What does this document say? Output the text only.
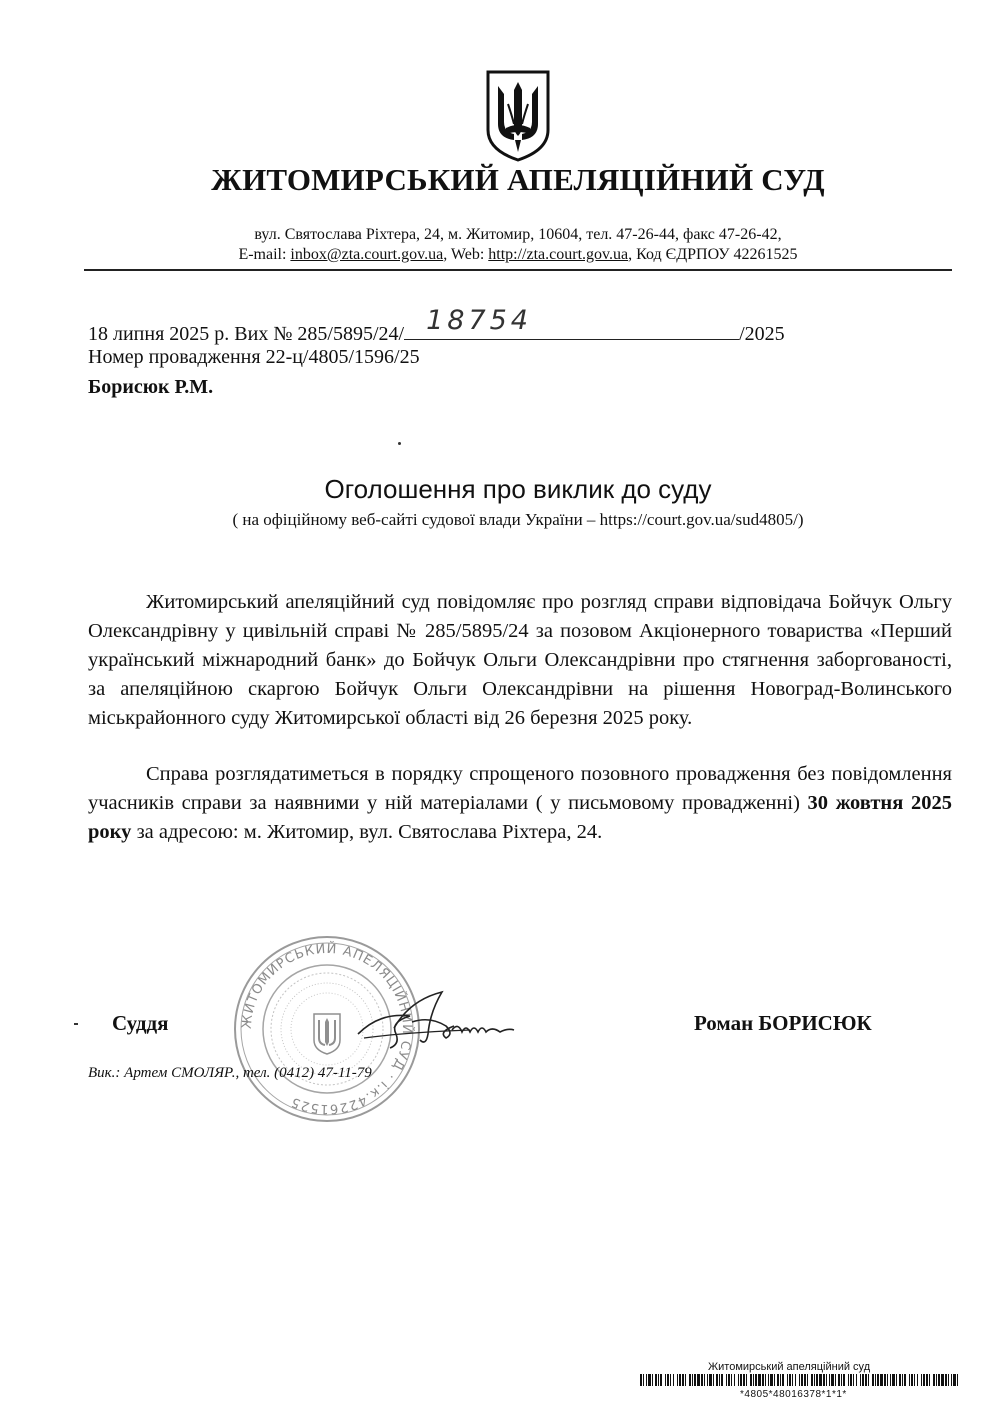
ЖИТОМИРСЬКИЙ АПЕЛЯЦІЙНИЙ СУД
вул. Святослава Ріхтера, 24, м. Житомир, 10604, тел. 47-26-44, факс 47-26-42,
E-mail: inbox@zta.court.gov.ua, Web: http://zta.court.gov.ua, Код ЄДРПОУ 42261525
18 липня 2025 р. Вих № 285/5895/24/ 18754	/2025
Номер провадження 22-ц/4805/1596/25
Борисюк Р.М.
Оголошення про виклик до суду
( на офіційному веб-сайті судової влади України – https://court.gov.ua/sud4805/)
Житомирський апеляційний суд повідомляє про розгляд справи відповідача Бойчук Ольгу Олександрівну у цивільній справі № 285/5895/24 за позовом Акціонерного товариства «Перший український міжнародний банк» до Бойчук Ольги Олександрівни про стягнення заборгованості, за апеляційною скаргою Бойчук Ольги Олександрівни на рішення Новоград-Волинського міськрайонного суду Житомирської області від 26 березня 2025 року.
Справа розглядатиметься в порядку спрощеного позовного провадження без повідомлення учасників справи за наявними у ній матеріалами ( у письмовому провадженні) 30 жовтня 2025 року за адресою: м. Житомир, вул. Святослава Ріхтера, 24.
ЖИТОМИРСЬКИЙ АПЕЛЯЦІЙНИЙ СУД · і.к.42261525
Суддя	Роман БОРИСЮК
Вик.: Артем СМОЛЯР., тел. (0412) 47-11-79
Житомирський апеляційний суд
*4805*48016378*1*1*
